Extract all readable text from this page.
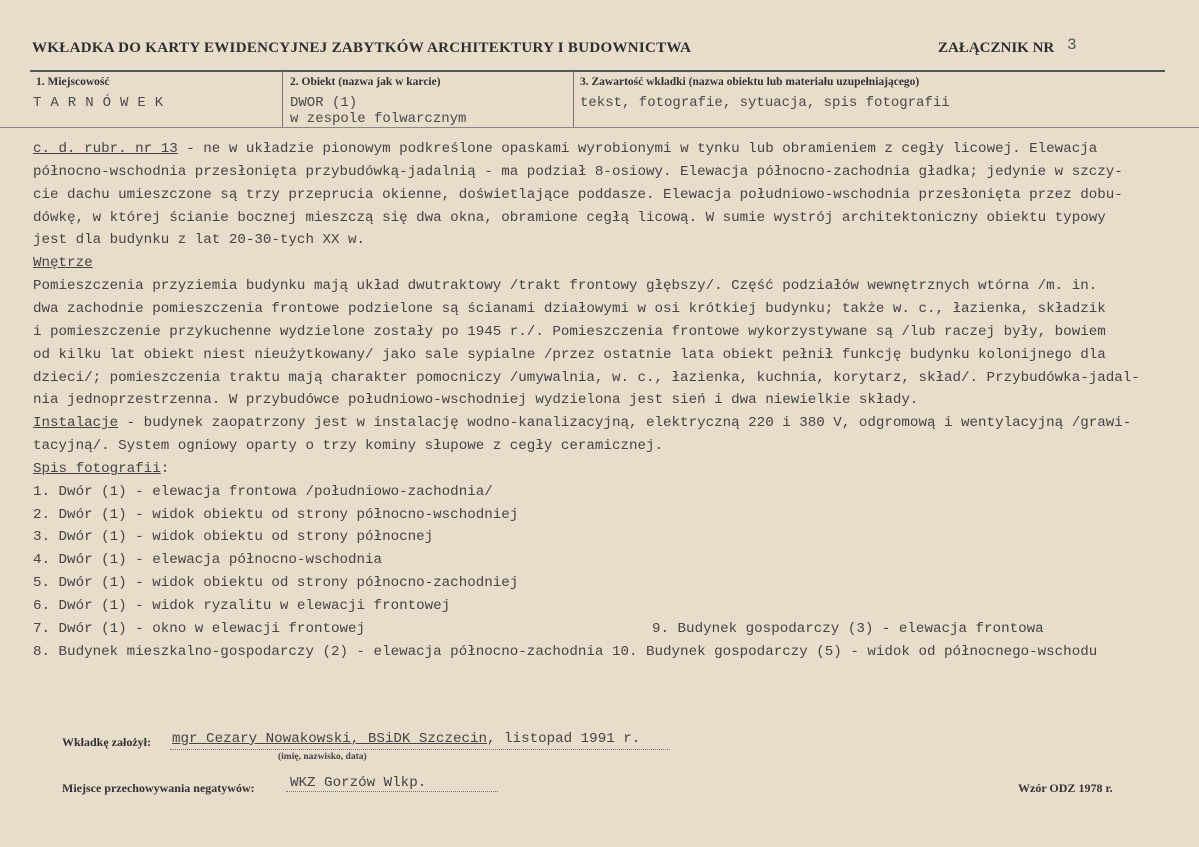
WKŁADKA DO KARTY EWIDENCYJNEJ ZABYTKÓW ARCHITEKTURY I BUDOWNICTWA	ZAŁĄCZNIK NR 3
1. Miejscowość
TARNÓWEK
2. Obiekt (nazwa jak w karcie)
DWOR (1)
w zespole folwarcznym
3. Zawartość wkładki (nazwa obiektu lub materiału uzupełniającego)
tekst, fotografie, sytuacja, spis fotografii
c. d. rubr. nr 13 - ne w układzie pionowym podkreślone opaskami wyrobionymi w tynku lub obramieniem z cegły licowej. Elewacja
północno-wschodnia przesłonięta przybudówką-jadalnią - ma podział 8-osiowy. Elewacja północno-zachodnia gładka; jedynie w szczy-
cie dachu umieszczone są trzy przeprucia okienne, doświetlające poddasze. Elewacja południowo-wschodnia przesłonięta przez dobu-
dówkę, w której ścianie bocznej mieszczą się dwa okna, obramione cegłą licową. W sumie wystrój architektoniczny obiektu typowy
jest dla budynku z lat 20-30-tych XX w.
Wnętrze
Pomieszczenia przyziemia budynku mają układ dwutraktowy /trakt frontowy głębszy/. Część podziałów wewnętrznych wtórna /m. in.
dwa zachodnie pomieszczenia frontowe podzielone są ścianami działowymi w osi krótkiej budynku; także w. c., łazienka, składzik
i pomieszczenie przykuchenne wydzielone zostały po 1945 r./. Pomieszczenia frontowe wykorzystywane są /lub raczej były, bowiem
od kilku lat obiekt niest nieużytkowany/ jako sale sypialne /przez ostatnie lata obiekt pełnił funkcję budynku kolonijnego dla
dzieci/; pomieszczenia traktu mają charakter pomocniczy /umywalnia, w. c., łazienka, kuchnia, korytarz, skład/. Przybudówka-jadal-
nia jednoprzestrzenna. W przybudówce południowo-wschodniej wydzielona jest sień i dwa niewielkie składy.
Instalacje - budynek zaopatrzony jest w instalację wodno-kanalizacyjną, elektryczną 220 i 380 V, odgromową i wentylacyjną /grawi-
tacyjną/. System ogniowy oparty o trzy kominy słupowe z cegły ceramicznej.
Spis fotografii:
1. Dwór (1) - elewacja frontowa /południowo-zachodnia/
2. Dwór (1) - widok obiektu od strony północno-wschodniej
3. Dwór (1) - widok obiektu od strony północnej
4. Dwór (1) - elewacja północno-wschodnia
5. Dwór (1) - widok obiektu od strony północno-zachodniej
6. Dwór (1) - widok ryzalitu w elewacji frontowej
7. Dwór (1) - okno w elewacji frontowej	9. Budynek gospodarczy (3) - elewacja frontowa
8. Budynek mieszkalno-gospodarczy (2) - elewacja północno-zachodnia 10. Budynek gospodarczy (5) - widok od północnego-wschodu
Wkładkę założył: mgr Cezary Nowakowski, BSiDK Szczecin, listopad 1991 r.
(imię, nazwisko, data)
Miejsce przechowywania negatywów: WKZ Gorzów Wlkp.	Wzór ODZ 1978 r.
